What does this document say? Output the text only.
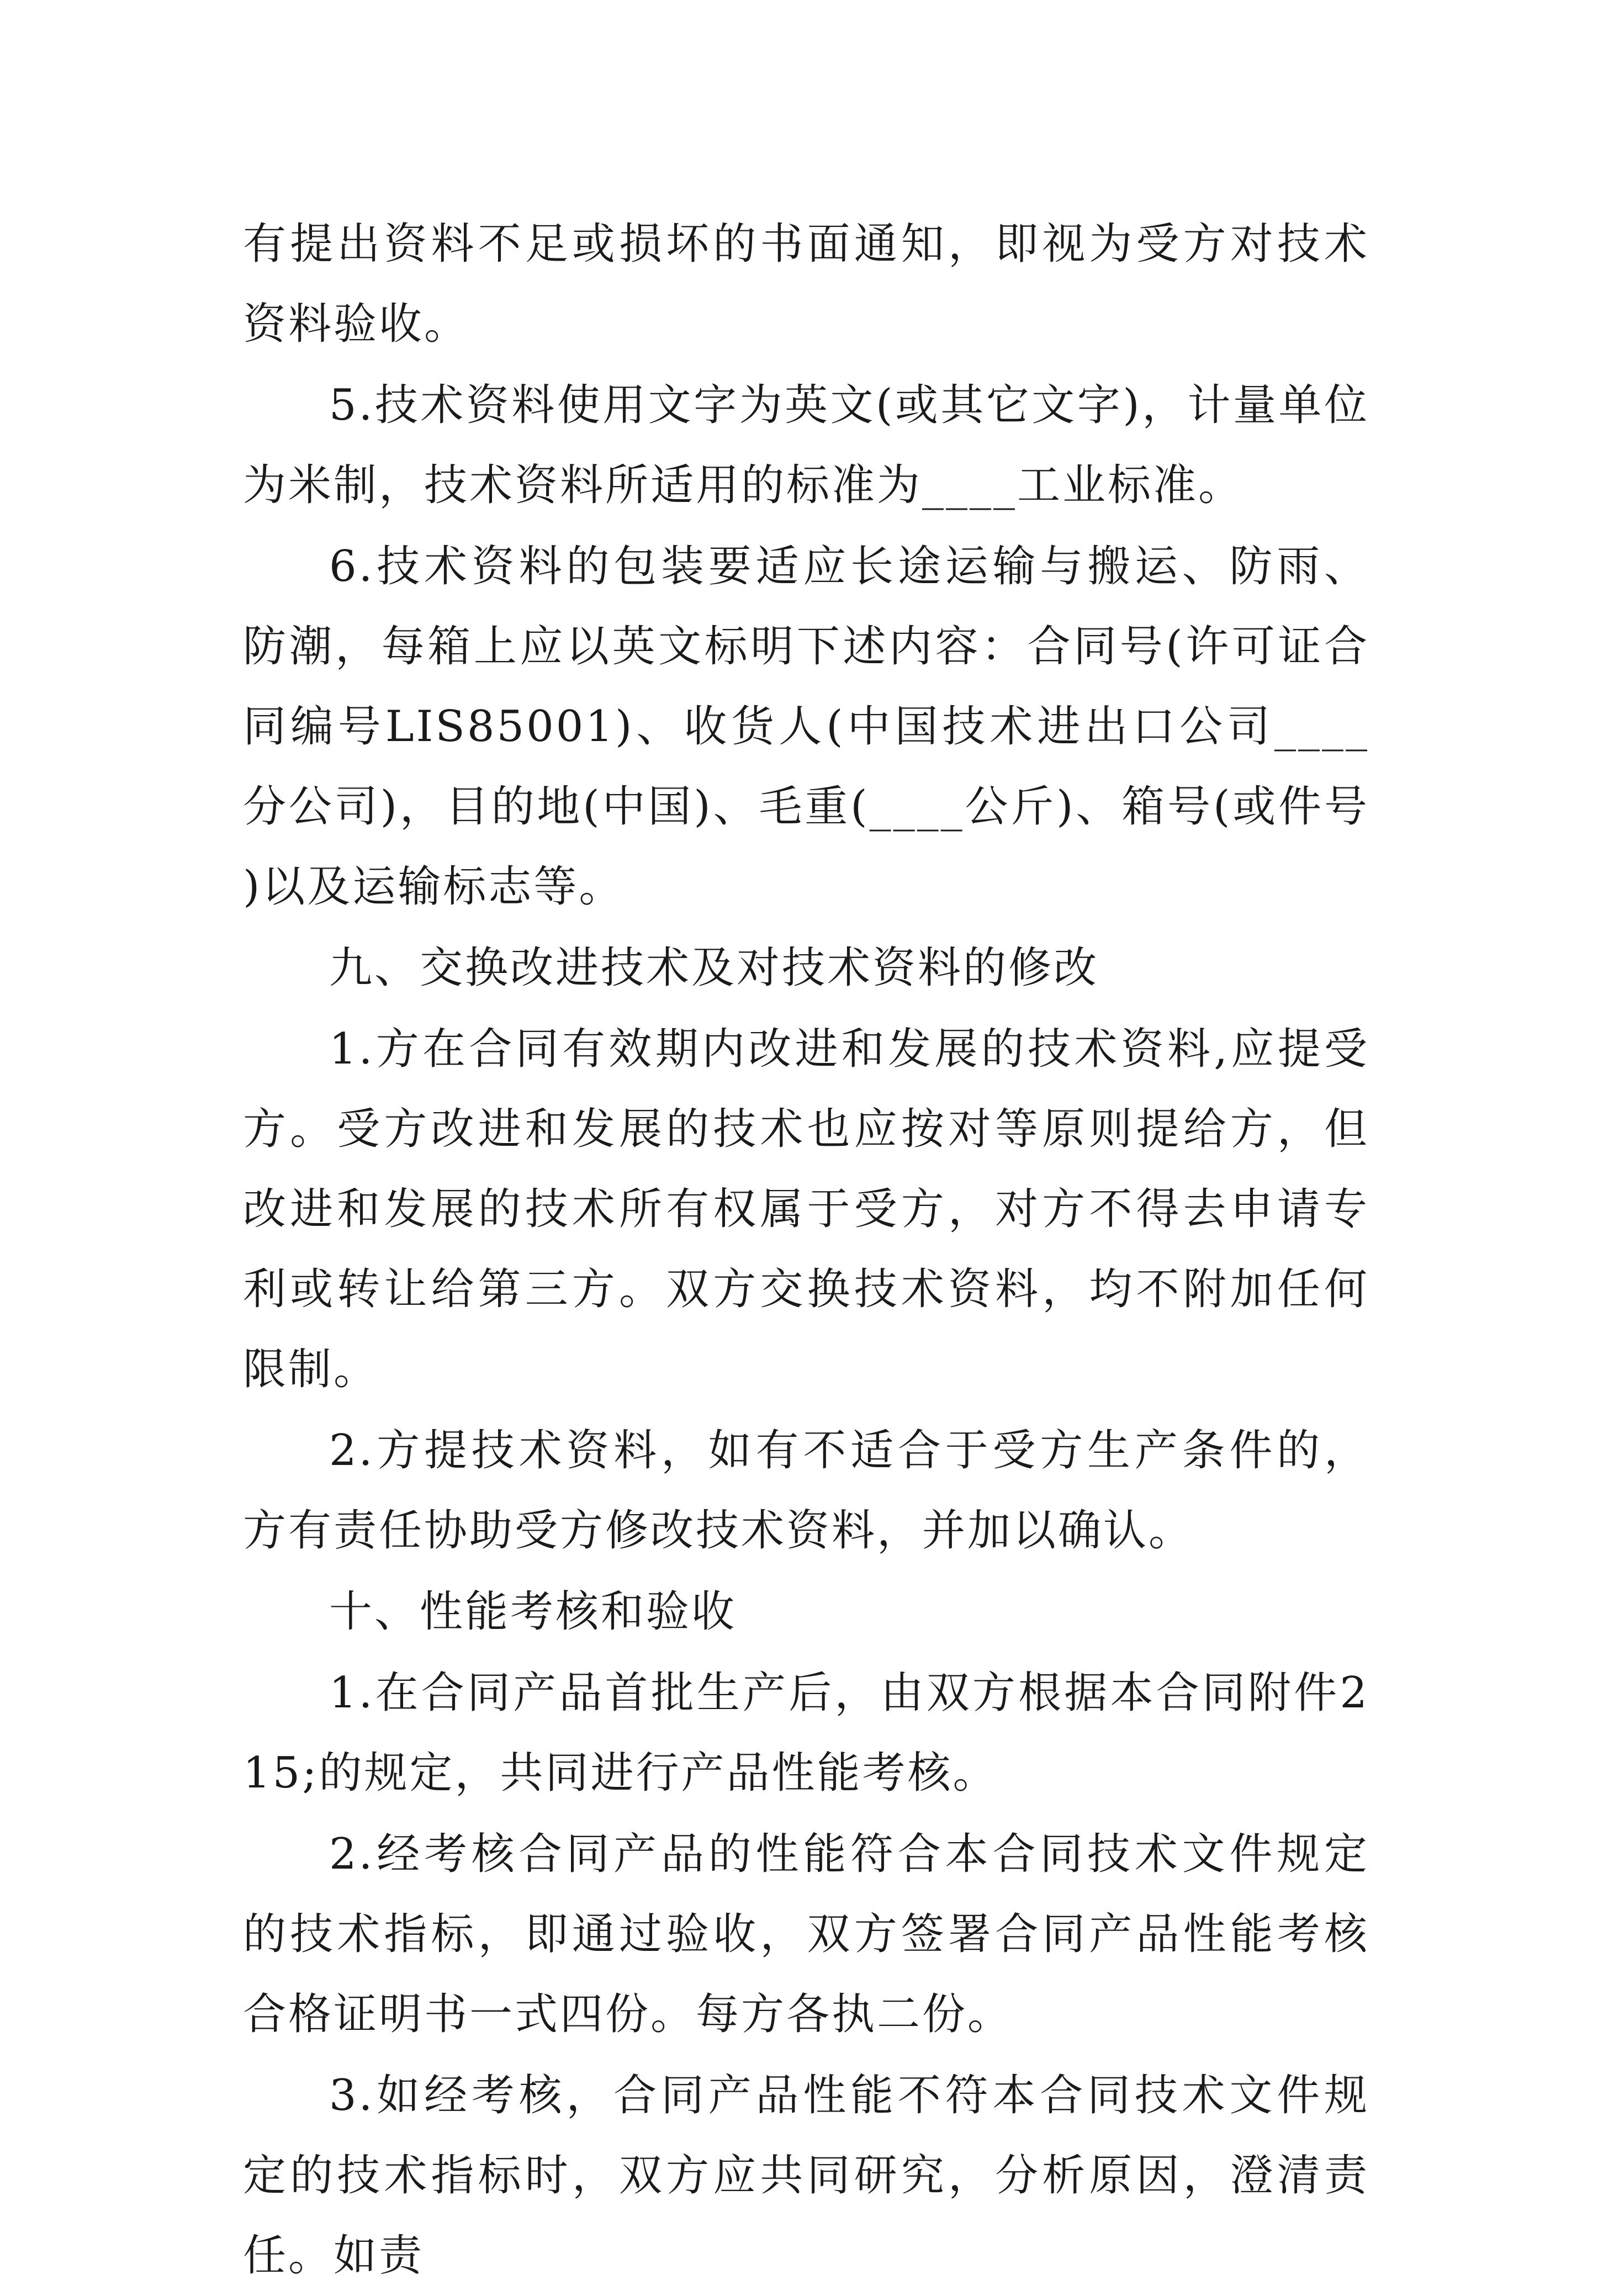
有提出资料不足或损坏的书面通知，即视为受方对技术资料验收。

5.技术资料使用文字为英文(或其它文字)，计量单位为米制，技术资料所适用的标准为____工业标准。

6.技术资料的包装要适应长途运输与搬运、防雨、防潮，每箱上应以英文标明下述内容：合同号(许可证合同编号LIS85001)、收货人(中国技术进出口公司____分公司)，目的地(中国)、毛重(____公斤)、箱号(或件号)以及运输标志等。

九、交换改进技术及对技术资料的修改

1.方在合同有效期内改进和发展的技术资料,应提受方。受方改进和发展的技术也应按对等原则提给方，但改进和发展的技术所有权属于受方，对方不得去申请专利或转让给第三方。双方交换技术资料，均不附加任何限制。

2.方提技术资料，如有不适合于受方生产条件的，方有责任协助受方修改技术资料，并加以确认。

十、性能考核和验收

1.在合同产品首批生产后，由双方根据本合同附件215;的规定，共同进行产品性能考核。

2.经考核合同产品的性能符合本合同技术文件规定的技术指标，即通过验收，双方签署合同产品性能考核合格证明书一式四份。每方各执二份。

3.如经考核，合同产品性能不符本合同技术文件规定的技术指标时，双方应共同研究，分析原因，澄清责任。如责
